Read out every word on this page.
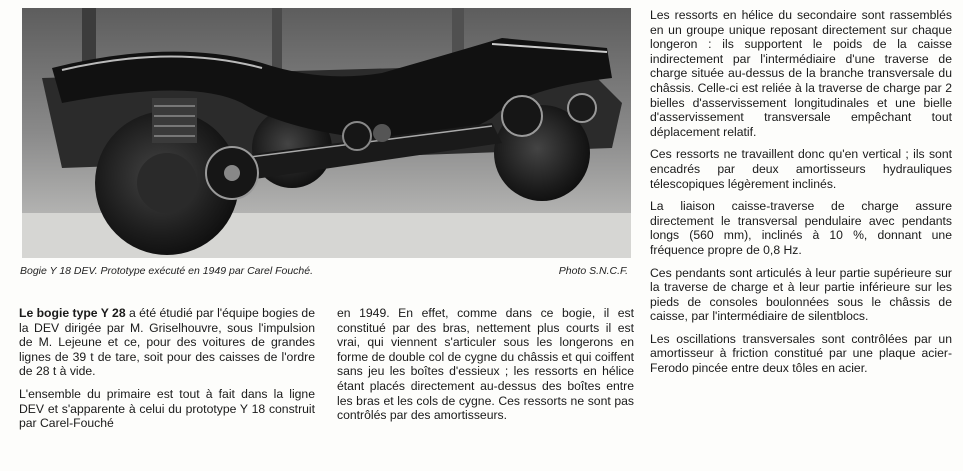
Bogie Y 18 DEV. Prototype exécuté en 1949 par Carel Fouché.	Photo S.N.C.F.

Le bogie type Y 28 a été étudié par l'équipe bogies de la DEV dirigée par M. Griselhouvre, sous l'impulsion de M. Lejeune et ce, pour des voitures de grandes lignes de 39 t de tare, soit pour des caisses de l'ordre de 28 t à vide.

L'ensemble du primaire est tout à fait dans la ligne DEV et s'apparente à celui du prototype Y 18 construit par Carel-Fouché

en 1949. En effet, comme dans ce bogie, il est constitué par des bras, nettement plus courts il est vrai, qui viennent s'articuler sous les longerons en forme de double col de cygne du châssis et qui coiffent sans jeu les boîtes d'essieux ; les ressorts en hélice étant placés directement au-dessus des boîtes entre les bras et les cols de cygne. Ces ressorts ne sont pas contrôlés par des amortisseurs.

Les ressorts en hélice du secondaire sont rassemblés en un groupe unique reposant directement sur chaque longeron : ils supportent le poids de la caisse indirectement par l'intermédiaire d'une traverse de charge située au-dessus de la branche transversale du châssis. Celle-ci est reliée à la traverse de charge par 2 bielles d'asservissement longitudinales et une bielle d'asservissement transversale empêchant tout déplacement relatif.

Ces ressorts ne travaillent donc qu'en vertical ; ils sont encadrés par deux amortisseurs hydrauliques télescopiques légèrement inclinés.

La liaison caisse-traverse de charge assure directement le transversal pendulaire avec pendants longs (560 mm), inclinés à 10 %, donnant une fréquence propre de 0,8 Hz.

Ces pendants sont articulés à leur partie supérieure sur la traverse de charge et à leur partie inférieure sur les pieds de consoles boulonnées sous le châssis de caisse, par l'intermédiaire de silentblocs.

Les oscillations transversales sont contrôlées par un amortisseur à friction constitué par une plaque acier-Ferodo pincée entre deux tôles en acier.
